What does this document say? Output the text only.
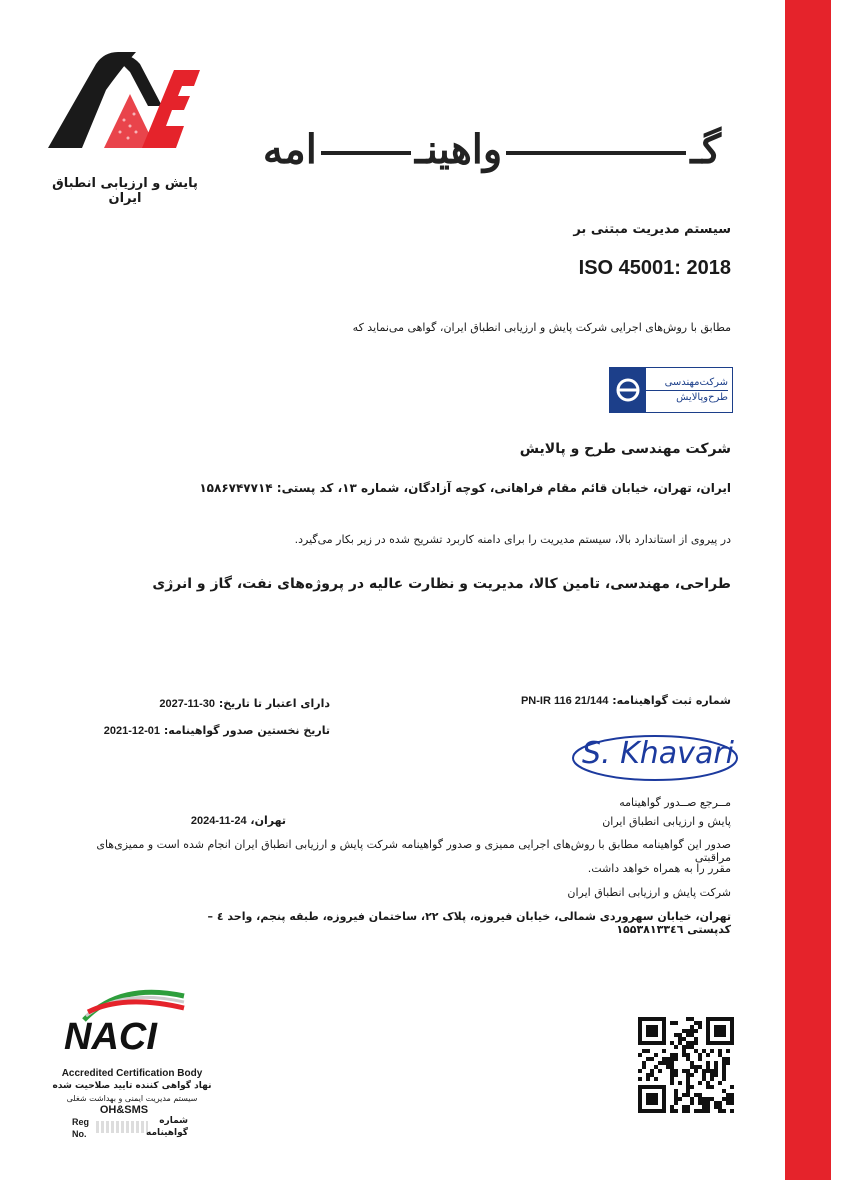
www.pniran.com
پایش و ارزیابی انطباق ایران
گـواهینـامه
سیستم مدیریت مبتنی بر
ISO 45001: 2018
مطابق با روش‌های اجرایی شرکت پایش و ارزیابی انطباق ایران، گواهی می‌نماید که
شرکت‌مهندسی
طرح‌وپالایش
شرکت مهندسی طرح و پالایش
ایران، تهران، خیابان قائم مقام فراهانی، کوچه آزادگان، شماره ۱۳، کد پستی: ۱۵۸۶۷۴۷۷۱۴
در پیروی از استاندارد بالا، سیستم مدیریت را برای دامنه کاربرد تشریح شده در زیر بکار می‌گیرد.
طراحی، مهندسی، تامین کالا، مدیریت و نظارت عالیه در پروژه‌های نفت، گاز و انرژی
شماره ثبت گواهینامه: PN-IR 116 21/144
دارای اعتبار تا تاریخ: 2027-11-30
تاریخ نخستین صدور گواهینامه: 2021-12-01
S. Khavari
مــرجع صــدور گواهینامه
پایش و ارزیابی انطباق ایران
تهران، 2024-11-24
صدور این گواهینامه مطابق با روش‌های اجرایی ممیزی و صدور گواهینامه شرکت پایش و ارزیابی انطباق ایران انجام شده است و ممیزی‌های مراقبتی
مقرر را به همراه خواهد داشت.
شرکت پایش و ارزیابی انطباق ایران
تهران، خیابان سهروردی شمالی، خیابان فیروزه، پلاک ۲۲، ساختمان فیروزه، طبقه پنجم، واحد ٤ – کدپستی ۱۵۵۳۸۱۳۳٤٦
NACI
Accredited Certification Body
نهاد گواهی کننده تایید صلاحیت شده
سیستم مدیریت ایمنی و بهداشت شغلی
OH&SMS
Reg
No.
شماره
گواهینامه
